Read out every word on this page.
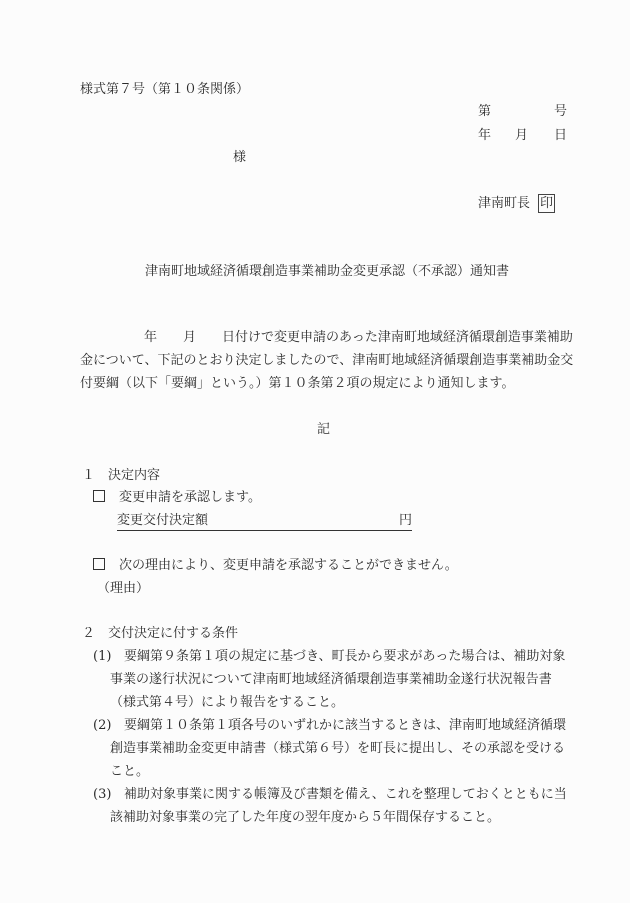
様式第７号（第１０条関係）
第	号
年 月 日
様
津南町長 印
津南町地域経済循環創造事業補助金変更承認（不承認）通知書
年 月 日付けで変更申請のあった津南町地域経済循環創造事業補助
金について、下記のとおり決定しましたので、津南町地域経済循環創造事業補助金交
付要綱（以下「要綱」という。）第１０条第２項の規定により通知します。
記
１　決定内容
変更申請を承認します。
変更交付決定額	円
次の理由により、変更申請を承認することができません。
（理由）
２　交付決定に付する条件
(1) 要綱第９条第１項の規定に基づき、町長から要求があった場合は、補助対象
事業の遂行状況について津南町地域経済循環創造事業補助金遂行状況報告書
（様式第４号）により報告をすること。
(2) 要綱第１０条第１項各号のいずれかに該当するときは、津南町地域経済循環
創造事業補助金変更申請書（様式第６号）を町長に提出し、その承認を受ける
こと。
(3) 補助対象事業に関する帳簿及び書類を備え、これを整理しておくとともに当
該補助対象事業の完了した年度の翌年度から５年間保存すること。
